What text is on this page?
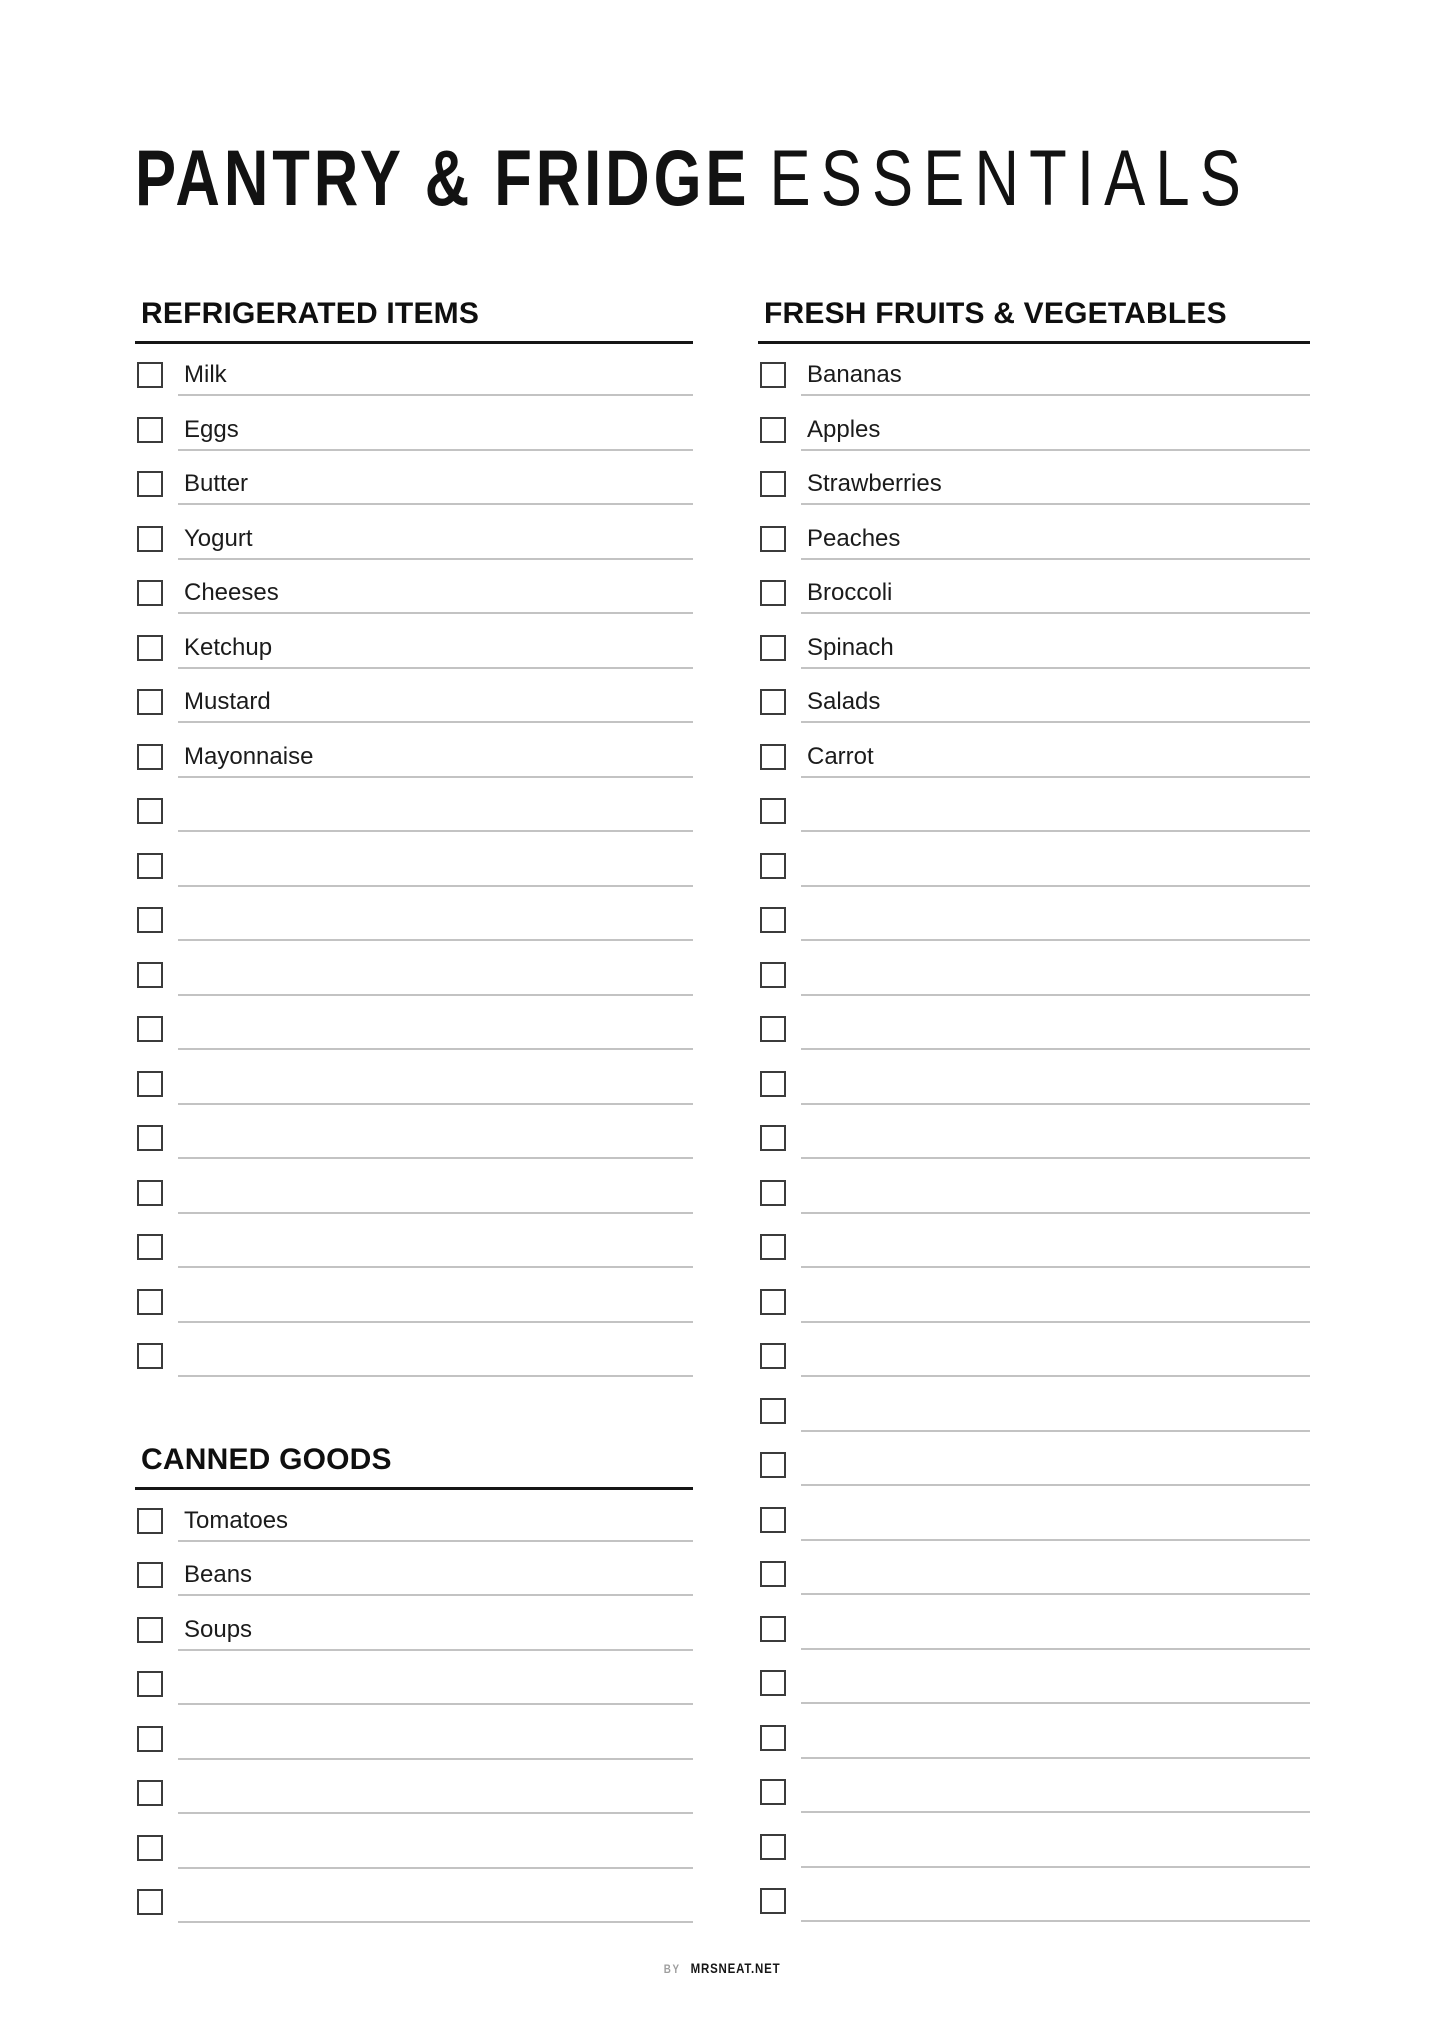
PANTRY & FRIDGE ESSENTIALS
REFRIGERATED ITEMS
Milk
Eggs
Butter
Yogurt
Cheeses
Ketchup
Mustard
Mayonnaise
CANNED GOODS
Tomatoes
Beans
Soups
FRESH FRUITS & VEGETABLES
Bananas
Apples
Strawberries
Peaches
Broccoli
Spinach
Salads
Carrot
BY MRSNEAT.NET
